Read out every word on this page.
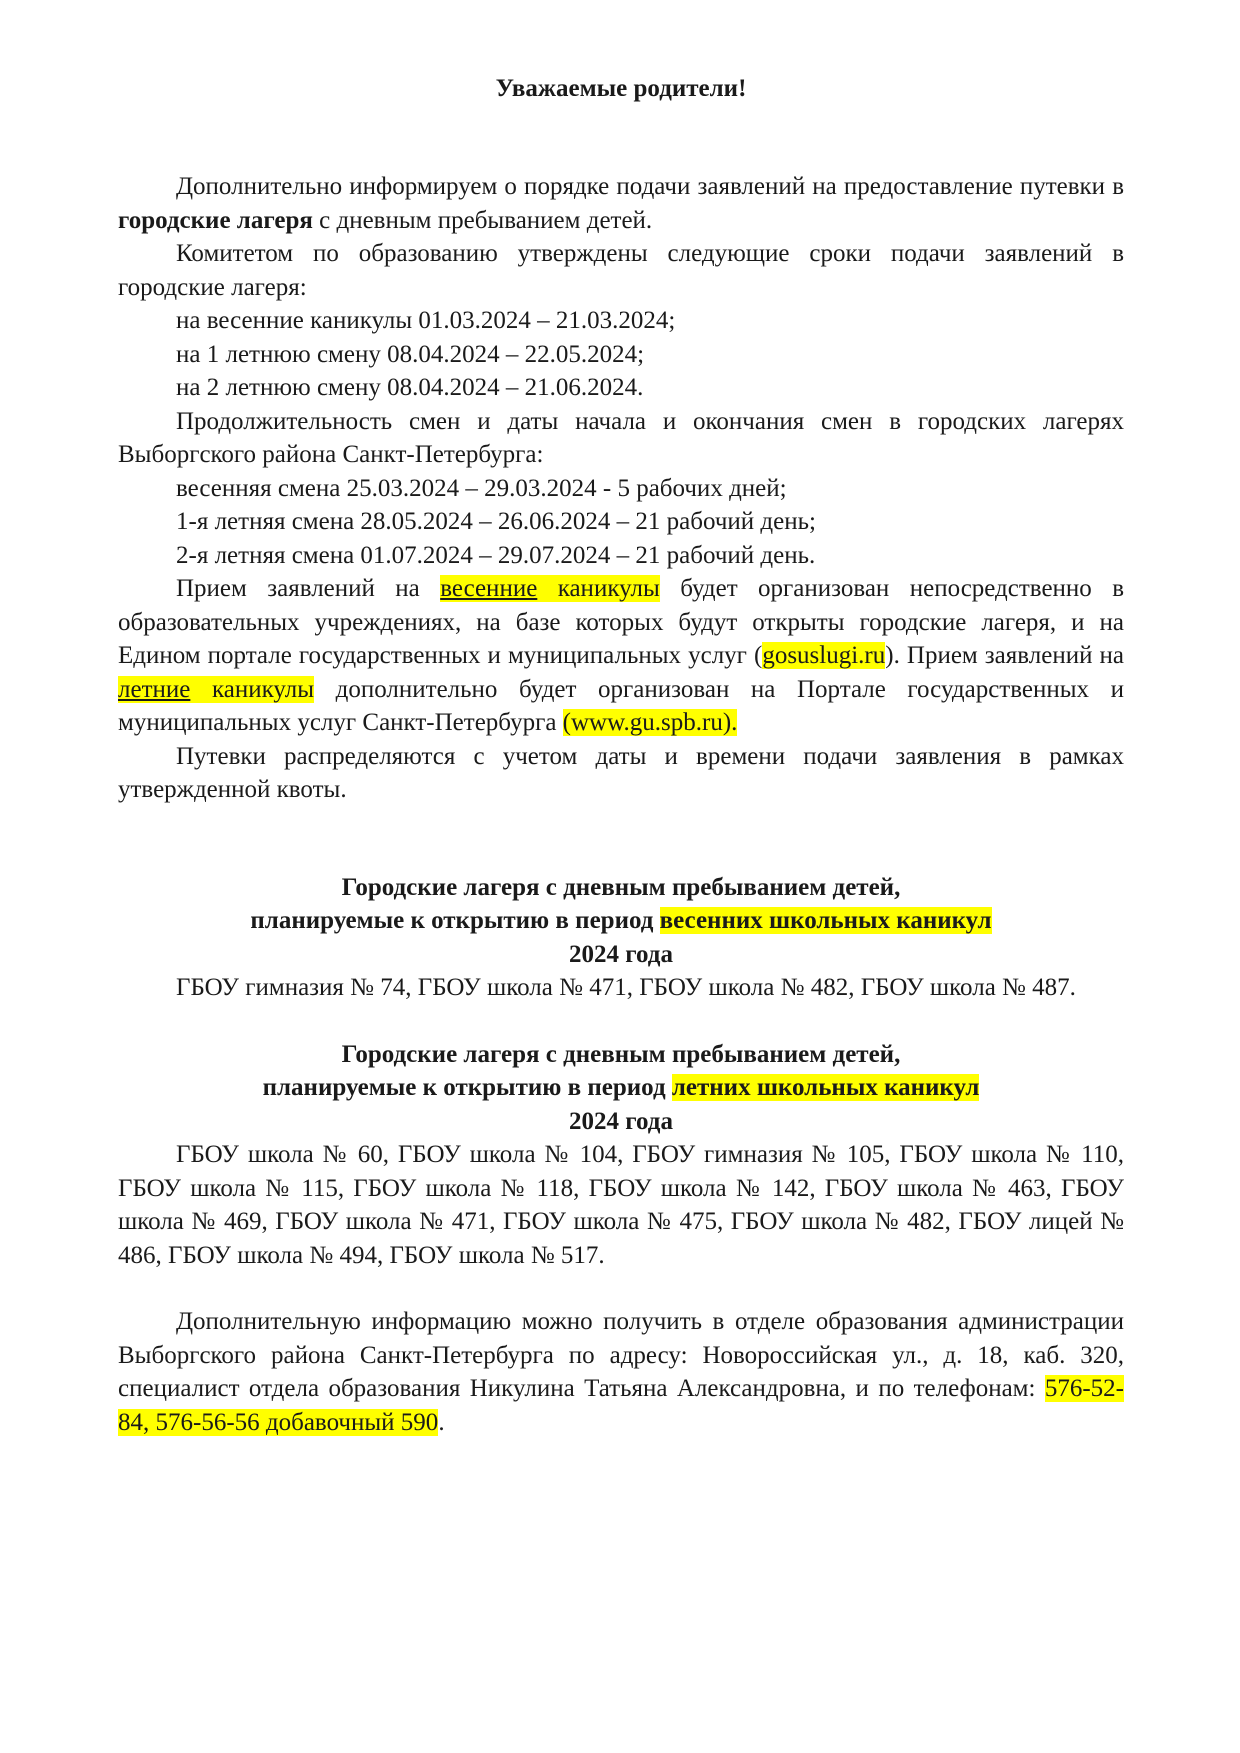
Уважаемые родители!

Дополнительно информируем о порядке подачи заявлений на предоставление путевки в городские лагеря с дневным пребыванием детей.

Комитетом по образованию утверждены следующие сроки подачи заявлений в городские лагеря:

на весенние каникулы 01.03.2024 – 21.03.2024;

на 1 летнюю смену 08.04.2024 – 22.05.2024;

на 2 летнюю смену 08.04.2024 – 21.06.2024.

Продолжительность смен и даты начала и окончания смен в городских лагерях Выборгского района Санкт-Петербурга:

весенняя смена 25.03.2024 – 29.03.2024 - 5 рабочих дней;

1-я летняя смена 28.05.2024 – 26.06.2024 – 21 рабочий день;

2-я летняя смена 01.07.2024 – 29.07.2024 – 21 рабочий день.

Прием заявлений на весенние каникулы будет организован непосредственно в образовательных учреждениях, на базе которых будут открыты городские лагеря, и на Едином портале государственных и муниципальных услуг (gosuslugi.ru). Прием заявлений на летние каникулы дополнительно будет организован на Портале государственных и муниципальных услуг Санкт-Петербурга (www.gu.spb.ru).

Путевки распределяются с учетом даты и времени подачи заявления в рамках утвержденной квоты.

Городские лагеря с дневным пребыванием детей,
планируемые к открытию в период весенних школьных каникул
2024 года

ГБОУ гимназия № 74, ГБОУ школа № 471, ГБОУ школа № 482, ГБОУ школа № 487.

Городские лагеря с дневным пребыванием детей,
планируемые к открытию в период летних школьных каникул
2024 года

ГБОУ школа № 60, ГБОУ школа № 104, ГБОУ гимназия № 105, ГБОУ школа № 110, ГБОУ школа № 115, ГБОУ школа № 118, ГБОУ школа № 142, ГБОУ школа № 463, ГБОУ школа № 469, ГБОУ школа № 471, ГБОУ школа № 475, ГБОУ школа № 482, ГБОУ лицей № 486, ГБОУ школа № 494, ГБОУ школа № 517.

Дополнительную информацию можно получить в отделе образования администрации Выборгского района Санкт-Петербурга по адресу: Новороссийская ул., д. 18, каб. 320, специалист отдела образования Никулина Татьяна Александровна, и по телефонам: 576-52-84, 576-56-56 добавочный 590.
